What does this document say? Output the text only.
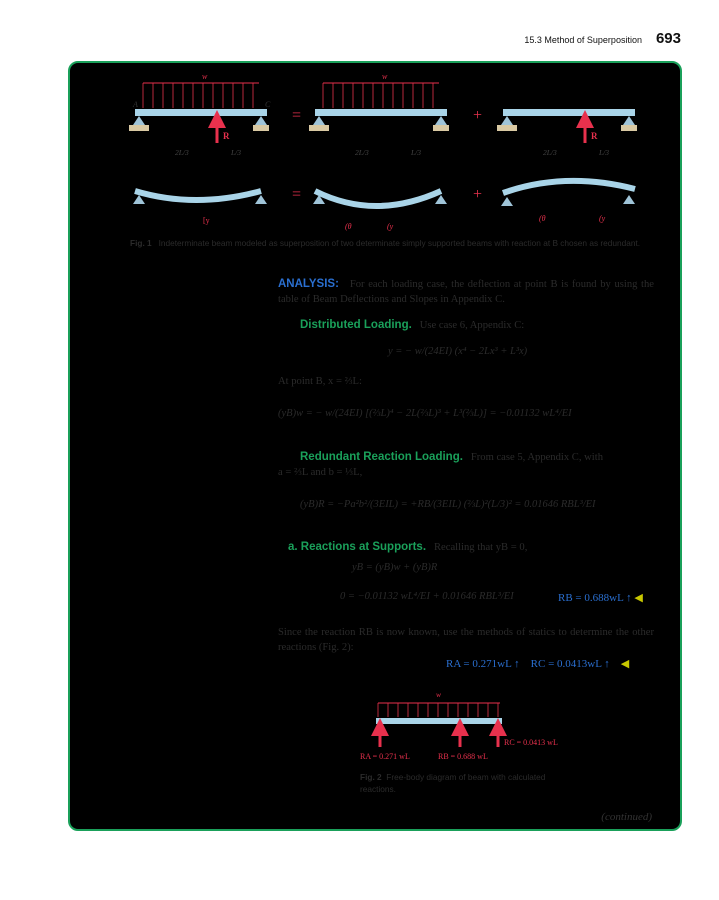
15.3 Method of Superposition 693
A
w
C
R
2L/3	L/3
=
w
2L/3	L/3
+
R
2L/3	L/3
[y
=
(θ	(y
+
(θ	(y
Fig. 1 Indeterminate beam modeled as superposition of two determinate simply supported beams with reaction at B chosen as redundant.
ANALYSIS: For each loading case, the deflection at point B is found by using the table of Beam Deflections and Slopes in Appendix C.
Distributed Loading. Use case 6, Appendix C:
y = − w/(24EI) (x⁴ − 2Lx³ + L³x)
At point B, x = ⅔L:
(yB)w = − w/(24EI) [(⅔L)⁴ − 2L(⅔L)³ + L³(⅔L)] = −0.01132 wL⁴/EI
Redundant Reaction Loading. From case 5, Appendix C, with
a = ⅔L and b = ⅓L,
(yB)R = −Pa²b²/(3EIL) = +RB/(3EIL) (⅔L)²(L/3)² = 0.01646 RBL³/EI
a. Reactions at Supports. Recalling that yB = 0,
yB = (yB)w + (yB)R
0 = −0.01132 wL⁴/EI + 0.01646 RBL³/EI	RB = 0.688wL ↑ ◀
Since the reaction RB is now known, use the methods of statics to determine the other reactions (Fig. 2):
RA = 0.271wL ↑ RC = 0.0413wL ↑ ◀
w
RA = 0.271 wL	RB = 0.688 wL
RC = 0.0413 wL
Fig. 2 Free-body diagram of beam with calculated reactions.
(continued)
